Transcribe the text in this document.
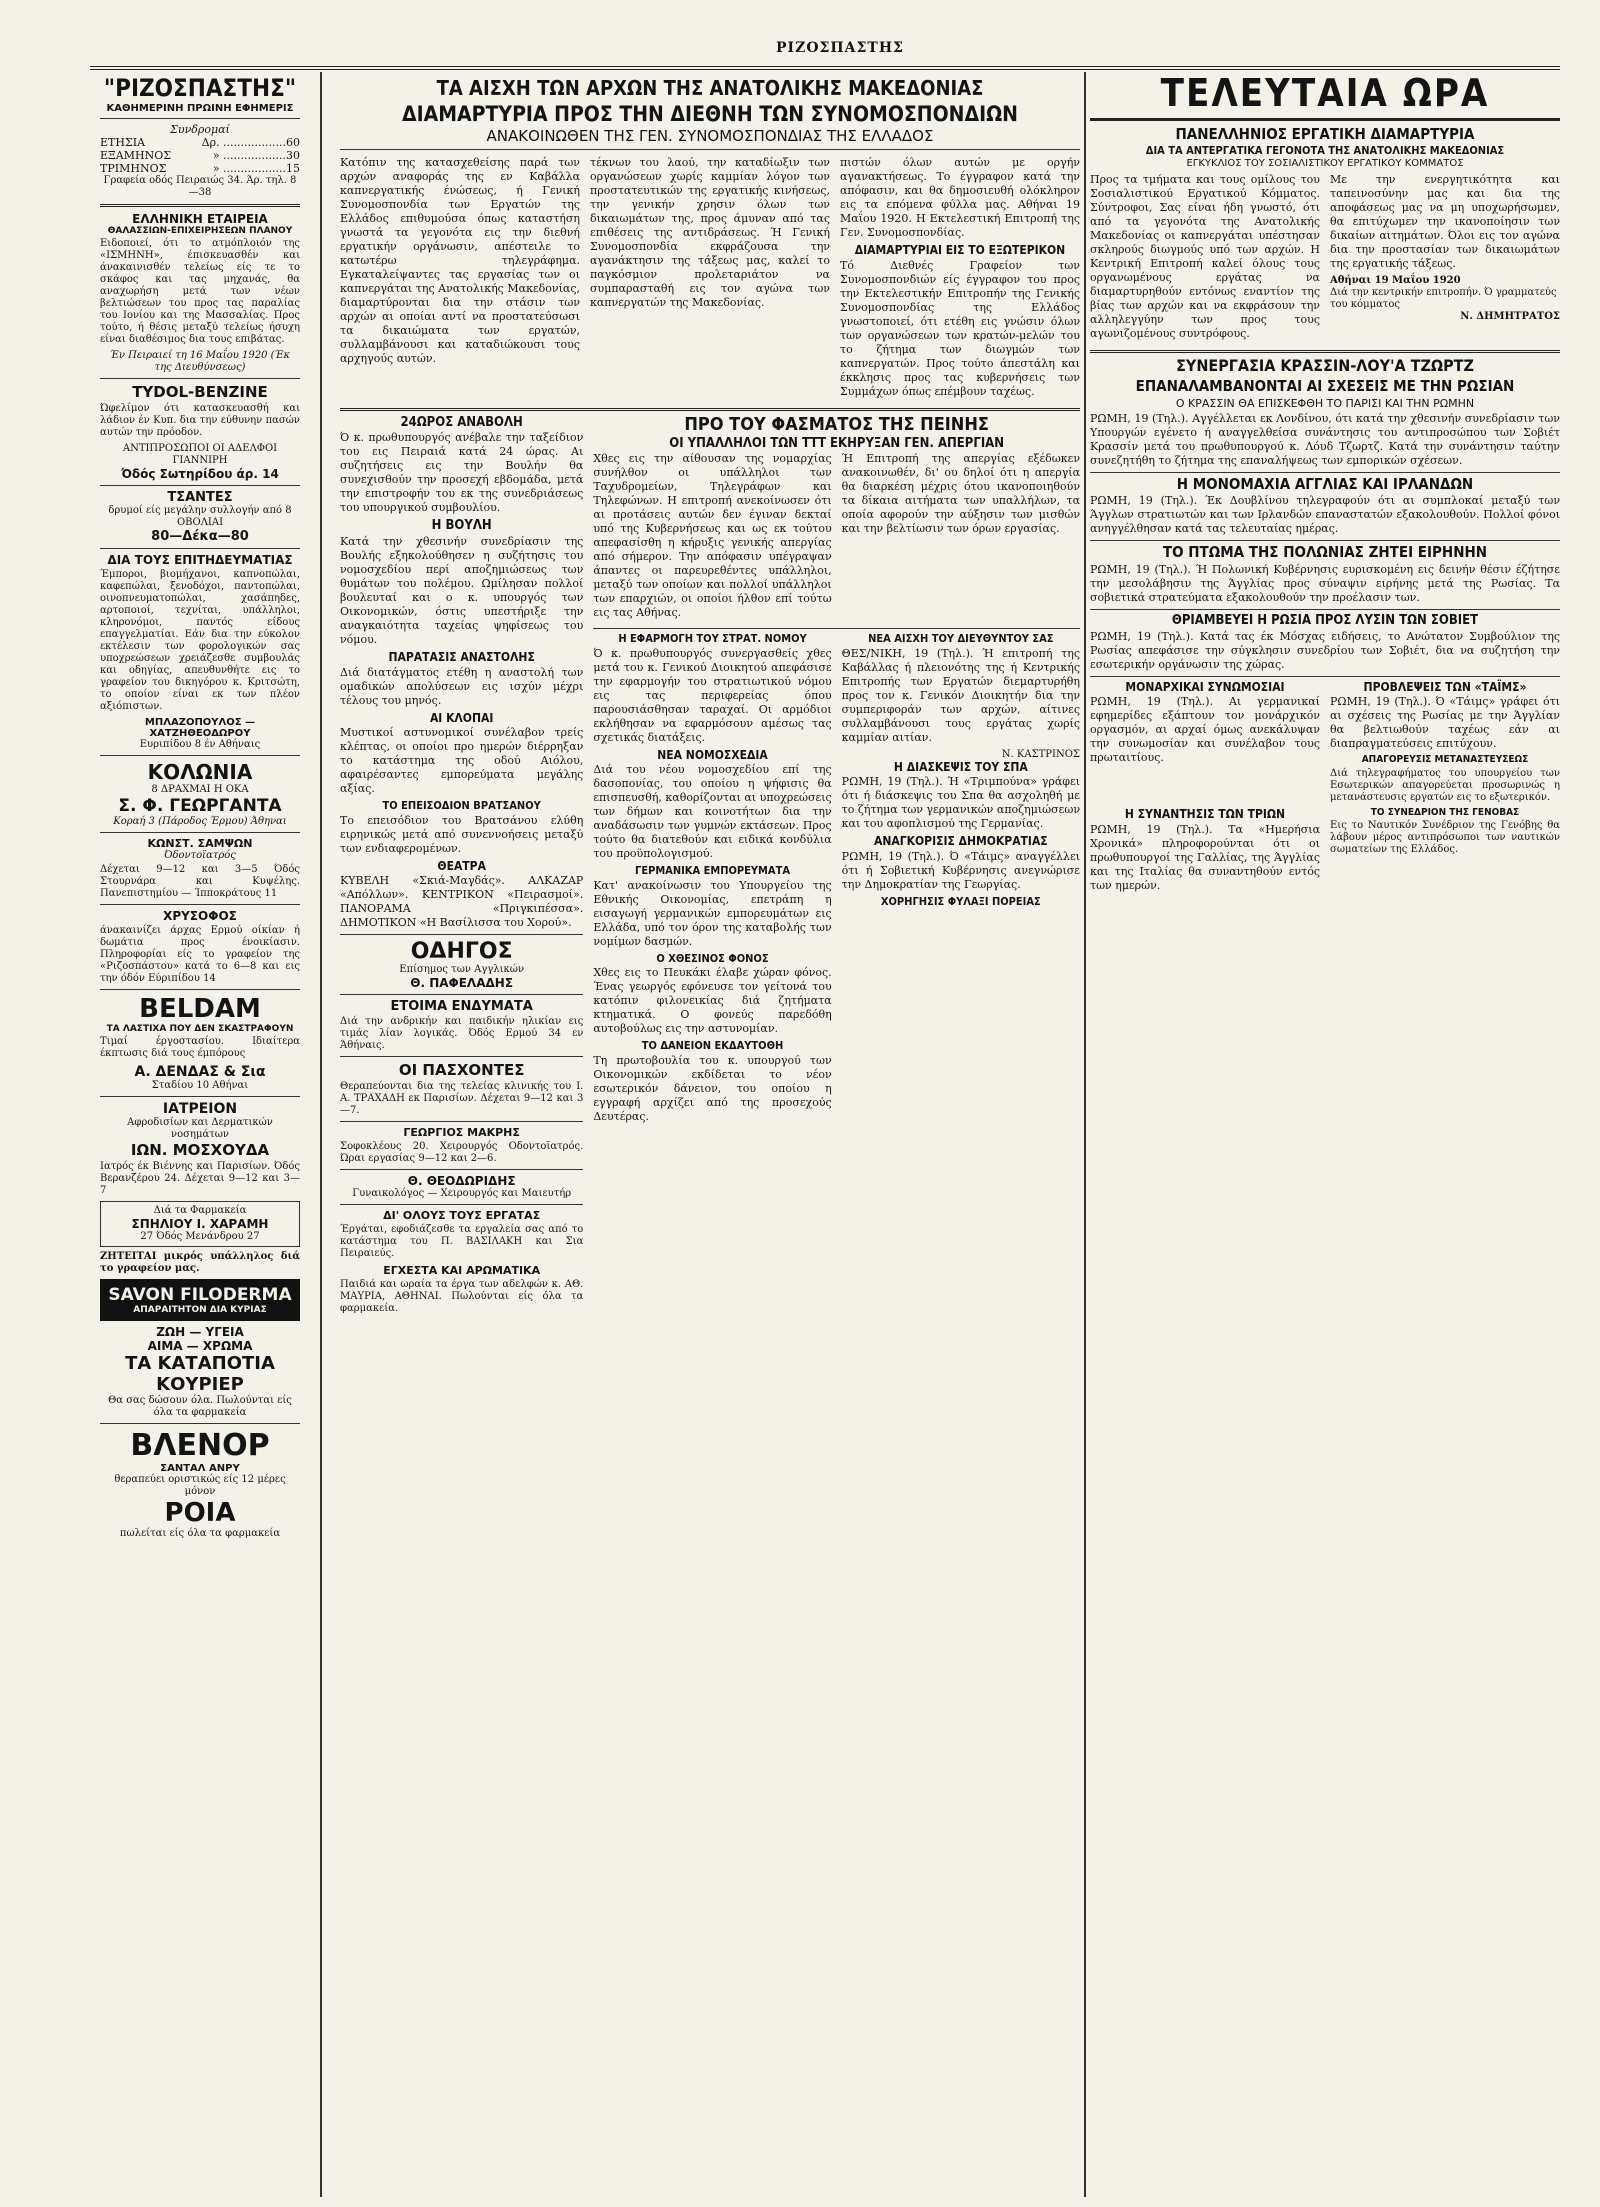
ΡΙΖΟΣΠΑΣΤΗΣ
"ΡΙΖΟΣΠΑΣΤΗΣ"
ΚΑΘΗΜΕΡΙΝΗ ΠΡΩΙΝΗ ΕΦΗΜΕΡΙΣ
Συνδρομαί
ΕΤΗΣΙΑ	Δρ. ..................60
ΕΞΑΜΗΝΟΣ	» ..................30
ΤΡΙΜΗΝΟΣ	» ..................15
Γραφεία οδός Πειραιώς 34. Άρ. τηλ. 8—38
ΕΛΛΗΝΙΚΗ ΕΤΑΙΡΕΙΑ
ΘΑΛΑΣΣΙΩΝ-ΕΠΙΧΕΙΡΗΣΕΩΝ ΠΛΑΝΟΥ
Ειδοποιεί, ότι το ατμόπλοιόν της «ΙΣΜΗΝΗ», έπισκευασθέν και άνακαινισθέν τελείως είς τε το σκάφος και τας μηχανάς, θα αναχωρήση μετά των νέων βελτιώσεων του προς τας παραλίας του Ιονίου και της Μασσαλίας. Προς τούτο, ή θέσις μεταξύ τελείως ήσυχη είναι διαθέσιμος δια τους επιβάτας.
Έν Πειραιεί τη 16 Μαΐου 1920 (Έκ της Διευθύνσεως)
TYDOL-BENZINE
Ώφελίμον ότι κατασκευασθή και λάδιον έν Κυπ. δια την εύθυνην πασών αυτών την πρόοδον.
ΑΝΤΙΠΡΟΣΩΠΟΙ ΟΙ ΑΔΕΛΦΟΙ ΓΙΑΝΝΙΡΗ
Όδός Σωτηρίδου άρ. 14
ΤΣΑΝΤΕΣ
δρυμοί είς μεγάλην συλλογήν από 8 ΟΒΟΛΙΑΙ
80—Δέκα—80
ΔΙΑ ΤΟΥΣ ΕΠΙΤΗΔΕΥΜΑΤΙΑΣ
Έμποροι, βιομήχανοι, καπνοπώλαι, καφεπώλαι, ξενοδόχοι, παντοπώλαι, οινοπνευματοπώλαι, χασάπηδες, αρτοποιοί, τεχνίται, υπάλληλοι, κληρονόμοι, παντός είδους επαγγελματίαι. Εάν δια την εύκολον εκτέλεσιν των φορολογικών σας υποχρεώσεων χρειάζεσθε συμβουλάς και οδηγίας, απευθυνθήτε εις το γραφείον του δικηγόρου κ. Κριτσώτη, το οποίον είναι εκ των πλέον αξιόπιστων.
ΜΠΛΑΖΟΠΟΥΛΟΣ — ΧΑΤΖΗΘΕΟΔΩΡΟΥ
Ευριπίδου 8 έν Αθήναις
ΚΟΛΩΝΙΑ
8 ΔΡΑΧΜΑΙ Η ΟΚΑ
Σ. Φ. ΓΕΩΡΓΑΝΤΑ
Κοραή 3 (Πάροδος Έρμου) Άθηναι
ΚΩΝΣΤ. ΣΑΜΨΩΝ
Όδοντοϊατρός
Δέχεται 9—12 και 3—5 Όδός Στουρνάρα και Κυψέλης. Πανεπιστημίου — Ίπποκράτους 11
ΧΡΥΣΟΦΟΣ
άνακαινίζει άρχας Ερμού οίκίαν ή δωμάτια προς ένοικίασιν. Πληροφορίαι είς το γραφείον της «Ριζοσπάστου» κατά το 6—8 και εις την όδόν Εύριπίδου 14
BELDAM
ΤΑ ΛΑΣΤΙΧΑ ΠΟΥ ΔΕΝ ΣΚΑΣΤΡΑΦΟΥΝ
Τιμαί έργοστασίου. Ιδιαίτερα έκπτωσις διά τους έμπόρους
Α. ΔΕΝΔΑΣ & Σια
Σταδίου 10 Αθήναι
ΙΑΤΡΕΙΟΝ
Αφροδισίων και Δερματικών νοσημάτων
ΙΩΝ. ΜΟΣΧΟΥΔΑ
Ιατρός έκ Βιέννης και Παρισίων. Όδός Βερανζέρου 24. Δέχεται 9—12 και 3—7
Διά τα Φαρμακεία
ΣΠΗΛΙΟΥ Ι. ΧΑΡΑΜΗ
27 Όδός Μενάνδρου 27
ΖΗΤΕΙΤΑΙ μικρός υπάλληλος διά το γραφείον μας.
SAVON FILODERMA
ΑΠΑΡΑΙΤΗΤΟΝ ΔΙΑ ΚΥΡΙΑΣ
ΖΩΗ — ΥΓΕΙΑ
ΑΙΜΑ — ΧΡΩΜΑ
ΤΑ ΚΑΤΑΠΟΤΙΑ ΚΟΥΡΙΕΡ
Θα σας δώσουν όλα. Πωλούνται είς όλα τα φαρμακεία
ΒΛΕΝΟΡ
ΣΑΝΤΑΛ ΑΝΡΥ
θεραπεύει οριστικώς είς 12 μέρες μόνον
ΡΟΙΑ
πωλείται είς όλα τα φαρμακεία
ΤΑ ΑΙΣΧΗ ΤΩΝ ΑΡΧΩΝ ΤΗΣ ΑΝΑΤΟΛΙΚΗΣ ΜΑΚΕΔΟΝΙΑΣ
ΔΙΑΜΑΡΤΥΡΙΑ ΠΡΟΣ ΤΗΝ ΔΙΕΘΝΗ ΤΩΝ ΣΥΝΟΜΟΣΠΟΝΔΙΩΝ
ΑΝΑΚΟΙΝΩΘΕΝ ΤΗΣ ΓΕΝ. ΣΥΝΟΜΟΣΠΟΝΔΙΑΣ ΤΗΣ ΕΛΛΑΔΟΣ
Κατόπιν της κατασχεθείσης παρά των αρχών αναφοράς της εν Καβάλλα καπνεργατικής ένώσεως, ή Γενική Συνομοσπονδία των Εργατών της Ελλάδος επιθυμούσα όπως καταστήση γνωστά τα γεγονότα εις την διεθνή εργατικήν οργάνωσιν, απέστειλε το κατωτέρω τηλεγράφημα. Εγκαταλείψαντες τας εργασίας των οι καπνεργάται της Ανατολικής Μακεδονίας, διαμαρτύρονται δια την στάσιν των αρχών αι οποίαι αντί να προστατεύσωσι τα δικαιώματα των εργατών, συλλαμβάνουσι και καταδιώκουσι τους αρχηγούς αυτών.
τέκνων του λαού, την καταδίωξιν των οργανώσεων χωρίς καμμίαν λόγον των προστατευτικών της εργατικής κινήσεως, την γενικήν χρησιν όλων των δικαιωμάτων της, προς άμυναν από τας επιθέσεις της αντιδράσεως. Ή Γενική Συνομοσπονδία εκφράζουσα την αγανάκτησιν της τάξεως μας, καλεί το παγκόσμιον προλεταριάτον να συμπαρασταθή εις τον αγώνα των καπνεργατών της Μακεδονίας.
πιστών όλων αυτών με οργήν αγανακτήσεως. Το έγγραφον κατά την απόφασιν, και θα δημοσιευθή ολόκληρον εις τα επόμενα φύλλα μας. Αθήναι 19 Μαΐου 1920. Η Εκτελεστική Επιτροπή της Γεν. Συνομοσπονδίας.
ΔΙΑΜΑΡΤΥΡΙΑΙ ΕΙΣ ΤΟ ΕΞΩΤΕΡΙΚΟΝ
Τό Διεθνές Γραφείον των Συνομοσπονδιών είς έγγραφον του προς την Εκτελεστικήν Επιτροπήν της Γενικής Συνομοσπονδίας της Ελλάδος γνωστοποιεί, ότι ετέθη εις γνώσιν όλων των οργανώσεων των κρατών-μελών του το ζήτημα των διωγμών των καπνεργατών. Προς τούτο άπεστάλη και έκκλησις προς τας κυβερνήσεις των Συμμάχων όπως επέμβουν ταχέως.
24ΩΡΟΣ ΑΝΑΒΟΛΗ
Ό κ. πρωθυπουργός ανέβαλε την ταξείδιον του εις Πειραιά κατά 24 ώρας. Αι συζητήσεις εις την Βουλήν θα συνεχισθούν την προσεχή εβδομάδα, μετά την επιστροφήν του εκ της συνεδριάσεως του υπουργικού συμβουλίου.
Η ΒΟΥΛΗ
Κατά την χθεσινήν συνεδρίασιν της Βουλής εξηκολούθησεν η συζήτησις του νομοσχεδίου περί αποζημιώσεως των θυμάτων του πολέμου. Ωμίλησαν πολλοί βουλευταί και ο κ. υπουργός των Οικονομικών, όστις υπεστήριξε την αναγκαιότητα ταχείας ψηφίσεως του νόμου.
ΠΑΡΑΤΑΣΙΣ ΑΝΑΣΤΟΛΗΣ
Διά διατάγματος ετέθη η αναστολή των ομαδικών απολύσεων εις ισχύν μέχρι τέλους του μηνός.
ΑΙ ΚΛΟΠΑΙ
Μυστικοί αστυνομικοί συνέλαβον τρείς κλέπτας, οι οποίοι προ ημερών διέρρηξαν το κατάστημα της οδού Αιόλου, αφαιρέσαντες εμπορεύματα μεγάλης αξίας.
ΤΟ ΕΠΕΙΣΟΔΙΟΝ ΒΡΑΤΣΑΝΟΥ
Το επεισόδιον του Βρατσάνου ελύθη ειρηνικώς μετά από συνεννοήσεις μεταξύ των ενδιαφερομένων.
ΘΕΑΤΡΑ
ΚΥΒΕΛΗ «Σκιά-Μαγδάς». ΑΛΚΑΖΑΡ «Απόλλων». ΚΕΝΤΡΙΚΟΝ «Πειρασμοί». ΠΑΝΟΡΑΜΑ «Πριγκιπέσσα». ΔΗΜΟΤΙΚΟΝ «Η Βασίλισσα του Χορού».
ΟΔΗΓΟΣ
Επίσημος των Αγγλικών
Θ. ΠΑΦΕΛΑΔΗΣ
ΕΤΟΙΜΑ ΕΝΔΥΜΑΤΑ
Διά την ανδρικήν και παιδικήν ηλικίαν εις τιμάς λίαν λογικάς. Όδός Ερμού 34 εν Άθήναις.
ΟΙ ΠΑΣΧΟΝΤΕΣ
Θεραπεύονται δια της τελείας κλινικής του Ι. Α. ΤΡΑΧΑΔΗ εκ Παρισίων. Δέχεται 9—12 και 3—7.
ΓΕΩΡΓΙΟΣ ΜΑΚΡΗΣ
Σοφοκλέους 20. Χειρουργός Οδοντοϊατρός. Ώραι εργασίας 9—12 και 2—6.
Θ. ΘΕΟΔΩΡΙΔΗΣ
Γυναικολόγος — Χειρουργός και Μαιευτήρ
ΔΙ' ΟΛΟΥΣ ΤΟΥΣ ΕΡΓΑΤΑΣ
Έργάται, εφοδιάζεσθε τα εργαλεία σας από το κατάστημα του Π. ΒΑΣΙΛΑΚΗ και Σια Πειραιεύς.
ΕΓΧΕΣΤΑ ΚΑΙ ΑΡΩΜΑΤΙΚΑ
Παιδιά και ωραία τα έργα των αδελφών κ. ΑΘ. ΜΑΥΡΙΑ, ΑΘΗΝΑΙ. Πωλούνται είς όλα τα φαρμακεία.
ΠΡΟ ΤΟΥ ΦΑΣΜΑΤΟΣ ΤΗΣ ΠΕΙΝΗΣ
ΟΙ ΥΠΑΛΛΗΛΟΙ ΤΩΝ ΤΤΤ ΕΚΗΡΥΞΑΝ ΓΕΝ. ΑΠΕΡΓΙΑΝ
Χθες εις την αίθουσαν της νομαρχίας συνήλθον οι υπάλληλοι των Ταχυδρομείων, Τηλεγράφων και Τηλεφώνων. Η επιτροπή ανεκοίνωσεν ότι αι προτάσεις αυτών δεν έγιναν δεκταί υπό της Κυβερνήσεως και ως εκ τούτου απεφασίσθη η κήρυξις γενικής απεργίας από σήμερον. Την απόφασιν υπέγραψαν άπαντες οι παρευρεθέντες υπάλληλοι, μεταξύ των οποίων και πολλοί υπάλληλοι των επαρχιών, οι οποίοι ήλθον επί τούτω εις τας Αθήνας.
Ή Επιτροπή της απεργίας εξέδωκεν ανακοινωθέν, δι' ου δηλοί ότι η απεργία θα διαρκέση μέχρις ότου ικανοποιηθούν τα δίκαια αιτήματα των υπαλλήλων, τα οποία αφορούν την αύξησιν των μισθών και την βελτίωσιν των όρων εργασίας.
Η ΕΦΑΡΜΟΓΗ ΤΟΥ ΣΤΡΑΤ. ΝΟΜΟΥ
Ό κ. πρωθυπουργός συνεργασθείς χθες μετά του κ. Γενικού Διοικητού απεφάσισε την εφαρμογήν του στρατιωτικού νόμου εις τας περιφερείας όπου παρουσιάσθησαν ταραχαί. Οι αρμόδιοι εκλήθησαν να εφαρμόσουν αμέσως τας σχετικάς διατάξεις.
ΝΕΑ ΝΟΜΟΣΧΕΔΙΑ
Διά του νέου νομοσχεδίου επί της δασοπονίας, του οποίου η ψήφισις θα επισπευσθή, καθορίζονται αι υποχρεώσεις των δήμων και κοινοτήτων δια την αναδάσωσιν των γυμνών εκτάσεων. Προς τούτο θα διατεθούν και ειδικά κονδύλια του προϋπολογισμού.
ΓΕΡΜΑΝΙΚΑ ΕΜΠΟΡΕΥΜΑΤΑ
Κατ' ανακοίνωσιν του Υπουργείου της Εθνικής Οικονομίας, επετράπη η εισαγωγή γερμανικών εμπορευμάτων εις Ελλάδα, υπό τον όρον της καταβολής των νομίμων δασμών.
Ο ΧΘΕΣΙΝΟΣ ΦΟΝΟΣ
Χθες εις το Πευκάκι έλαβε χώραν φόνος. Ένας γεωργός εφόνευσε τον γείτονά του κατόπιν φιλονεικίας διά ζητήματα κτηματικά. Ο φονεύς παρεδόθη αυτοβούλως εις την αστυνομίαν.
ΤΟ ΔΑΝΕΙΟΝ ΕΚΔΑΥΤΟΘΗ
Τη πρωτοβουλία του κ. υπουργού των Οικονομικών εκδίδεται το νέον εσωτερικόν δάνειον, του οποίου η εγγραφή αρχίζει από της προσεχούς Δευτέρας.
ΝΕΑ ΑΙΣΧΗ ΤΟΥ ΔΙΕΥΘΥΝΤΟΥ ΣΑΣ
ΘΕΣ/ΝΙΚΗ, 19 (Τηλ.). Ή επιτροπή της Καβάλλας ή πλειονότης της ή Κεντρικής Επιτροπής των Εργατών διεμαρτυρήθη προς τον κ. Γενικόν Διοικητήν δια την συμπεριφοράν των αρχών, αίτινες συλλαμβάνουσι τους εργάτας χωρίς καμμίαν αιτίαν.
Ν. ΚΑΣΤΡΙΝΟΣ
Η ΔΙΑΣΚΕΨΙΣ ΤΟΥ ΣΠΑ
ΡΩΜΗ, 19 (Τηλ.). Ή «Τριμπούνα» γράφει ότι ή διάσκεψις του Σπα θα ασχοληθή με το ζήτημα των γερμανικών αποζημιώσεων και του αφοπλισμού της Γερμανίας.
ΑΝΑΓΚΟΡΙΣΙΣ ΔΗΜΟΚΡΑΤΙΑΣ
ΡΩΜΗ, 19 (Τηλ.). Ό «Τάιμς» αναγγέλλει ότι ή Σοβιετική Κυβέρνησις ανεγνώρισε την Δημοκρατίαν της Γεωργίας.
ΧΟΡΗΓΗΣΙΣ ΦΥΛΑΞΙ ΠΟΡΕΙΑΣ
ΤΕΛΕΥΤΑΙΑ ΩΡΑ
ΠΑΝΕΛΛΗΝΙΟΣ ΕΡΓΑΤΙΚΗ ΔΙΑΜΑΡΤΥΡΙΑ
ΔΙΑ ΤΑ ΑΝΤΕΡΓΑΤΙΚΑ ΓΕΓΟΝΟΤΑ ΤΗΣ ΑΝΑΤΟΛΙΚΗΣ ΜΑΚΕΔΟΝΙΑΣ
ΕΓΚΥΚΛΙΟΣ ΤΟΥ ΣΟΣΙΑΛΙΣΤΙΚΟΥ ΕΡΓΑΤΙΚΟΥ ΚΟΜΜΑΤΟΣ
Προς τα τμήματα και τους ομίλους του Σοσιαλιστικού Εργατικού Κόμματος. Σύντροφοι, Σας είναι ήδη γνωστό, ότι από τα γεγονότα της Ανατολικής Μακεδονίας οι καπνεργάται υπέστησαν σκληρούς διωγμούς υπό των αρχών. Η Κεντρική Επιτροπή καλεί όλους τους οργανωμένους εργάτας να διαμαρτυρηθούν εντόνως εναντίον της βίας των αρχών και να εκφράσουν την αλληλεγγύην των προς τους αγωνιζομένους συντρόφους.
Με την ενεργητικότητα και ταπεινοσύνην μας και δια της αποφάσεως μας να μη υποχωρήσωμεν, θα επιτύχωμεν την ικανοποίησιν των δικαίων αιτημάτων. Όλοι εις τον αγώνα δια την προστασίαν των δικαιωμάτων της εργατικής τάξεως.
Αθήναι 19 Μαΐου 1920
Διά την κεντρικήν επιτροπήν. Ό γραμματεύς του κόμματος
Ν. ΔΗΜΗΤΡΑΤΟΣ
ΣΥΝΕΡΓΑΣΙΑ ΚΡΑΣΣΙΝ-ΛΟΥ'Α ΤΖΩΡΤΖ
ΕΠΑΝΑΛΑΜΒΑΝΟΝΤΑΙ ΑΙ ΣΧΕΣΕΙΣ ΜΕ ΤΗΝ ΡΩΣΙΑΝ
Ο ΚΡΑΣΣΙΝ ΘΑ ΕΠΙΣΚΕΦΘΗ ΤΟ ΠΑΡΙΣΙ ΚΑΙ ΤΗΝ ΡΩΜΗΝ
ΡΩΜΗ, 19 (Τηλ.). Αγγέλλεται εκ Λονδίνου, ότι κατά την χθεσινήν συνεδρίασιν των Υπουργών εγένετο ή αναγγελθείσα συνάντησις του αντιπροσώπου των Σοβιέτ Κρασσίν μετά του πρωθυπουργού κ. Λόυδ Τζωρτζ. Κατά την συνάντησιν ταύτην συνεζητήθη το ζήτημα της επαναλήψεως των εμπορικών σχέσεων.
Η ΜΟΝΟΜΑΧΙΑ ΑΓΓΛΙΑΣ ΚΑΙ ΙΡΛΑΝΔΩΝ
ΡΩΜΗ, 19 (Τηλ.). Έκ Δουβλίνου τηλεγραφούν ότι αι συμπλοκαί μεταξύ των Άγγλων στρατιωτών και των Ιρλανδών επαναστατών εξακολουθούν. Πολλοί φόνοι ανηγγέλθησαν κατά τας τελευταίας ημέρας.
ΤΟ ΠΤΩΜΑ ΤΗΣ ΠΟΛΩΝΙΑΣ ΖΗΤΕΙ ΕΙΡΗΝΗΝ
ΡΩΜΗ, 19 (Τηλ.). Ή Πολωνική Κυβέρνησις ευρισκομένη εις δεινήν θέσιν έζήτησε την μεσολάβησιν της Άγγλίας προς σύναψιν ειρήνης μετά της Ρωσίας. Τα σοβιετικά στρατεύματα εξακολουθούν την προέλασιν των.
ΘΡΙΑΜΒΕΥΕΙ Η ΡΩΣΙΑ ΠΡΟΣ ΛΥΣΙΝ ΤΩΝ ΣΟΒΙΕΤ
ΡΩΜΗ, 19 (Τηλ.). Κατά τας έκ Μόσχας ειδήσεις, το Ανώτατον Συμβούλιον της Ρωσίας απεφάσισε την σύγκλησιν συνεδρίου των Σοβιέτ, δια να συζητήση την εσωτερικήν οργάνωσιν της χώρας.
ΜΟΝΑΡΧΙΚΑΙ ΣΥΝΩΜΟΣΙΑΙ
ΡΩΜΗ, 19 (Τηλ.). Αι γερμανικαί εφημερίδες εξάπτουν τον μονάρχικόν οργασμόν, αι αρχαί όμως ανεκάλυψαν την συνωμοσίαν και συνέλαβον τους πρωταιτίους.
ΠΡΟΒΛΕΨΕΙΣ ΤΩΝ «ΤΑΪΜΣ»
ΡΩΜΗ, 19 (Τηλ.). Ό «Τάιμς» γράφει ότι αι σχέσεις της Ρωσίας με την Άγγλίαν θα βελτιωθούν ταχέως εάν αι διαπραγματεύσεις επιτύχουν.
ΑΠΑΓΟΡΕΥΣΙΣ ΜΕΤΑΝΑΣΤΕΥΣΕΩΣ
Διά τηλεγραφήματος του υπουργείου των Εσωτερικών απαγορεύεται προσωρινώς η μετανάστευσις εργατών εις το εξωτερικόν.
Η ΣΥΝΑΝΤΗΣΙΣ ΤΩΝ ΤΡΙΩΝ
ΡΩΜΗ, 19 (Τηλ.). Τα «Ημερήσια Χρονικά» πληροφορούνται ότι οι πρωθυπουργοί της Γαλλίας, της Άγγλίας και της Ιταλίας θα συναντηθούν εντός των ημερών.
ΤΟ ΣΥΝΕΔΡΙΟΝ ΤΗΣ ΓΕΝΟΒΑΣ
Εις το Ναυτικόν Συνέδριον της Γενόβης θα λάβουν μέρος αντιπρόσωποι των ναυτικών σωματείων της Ελλάδος.
